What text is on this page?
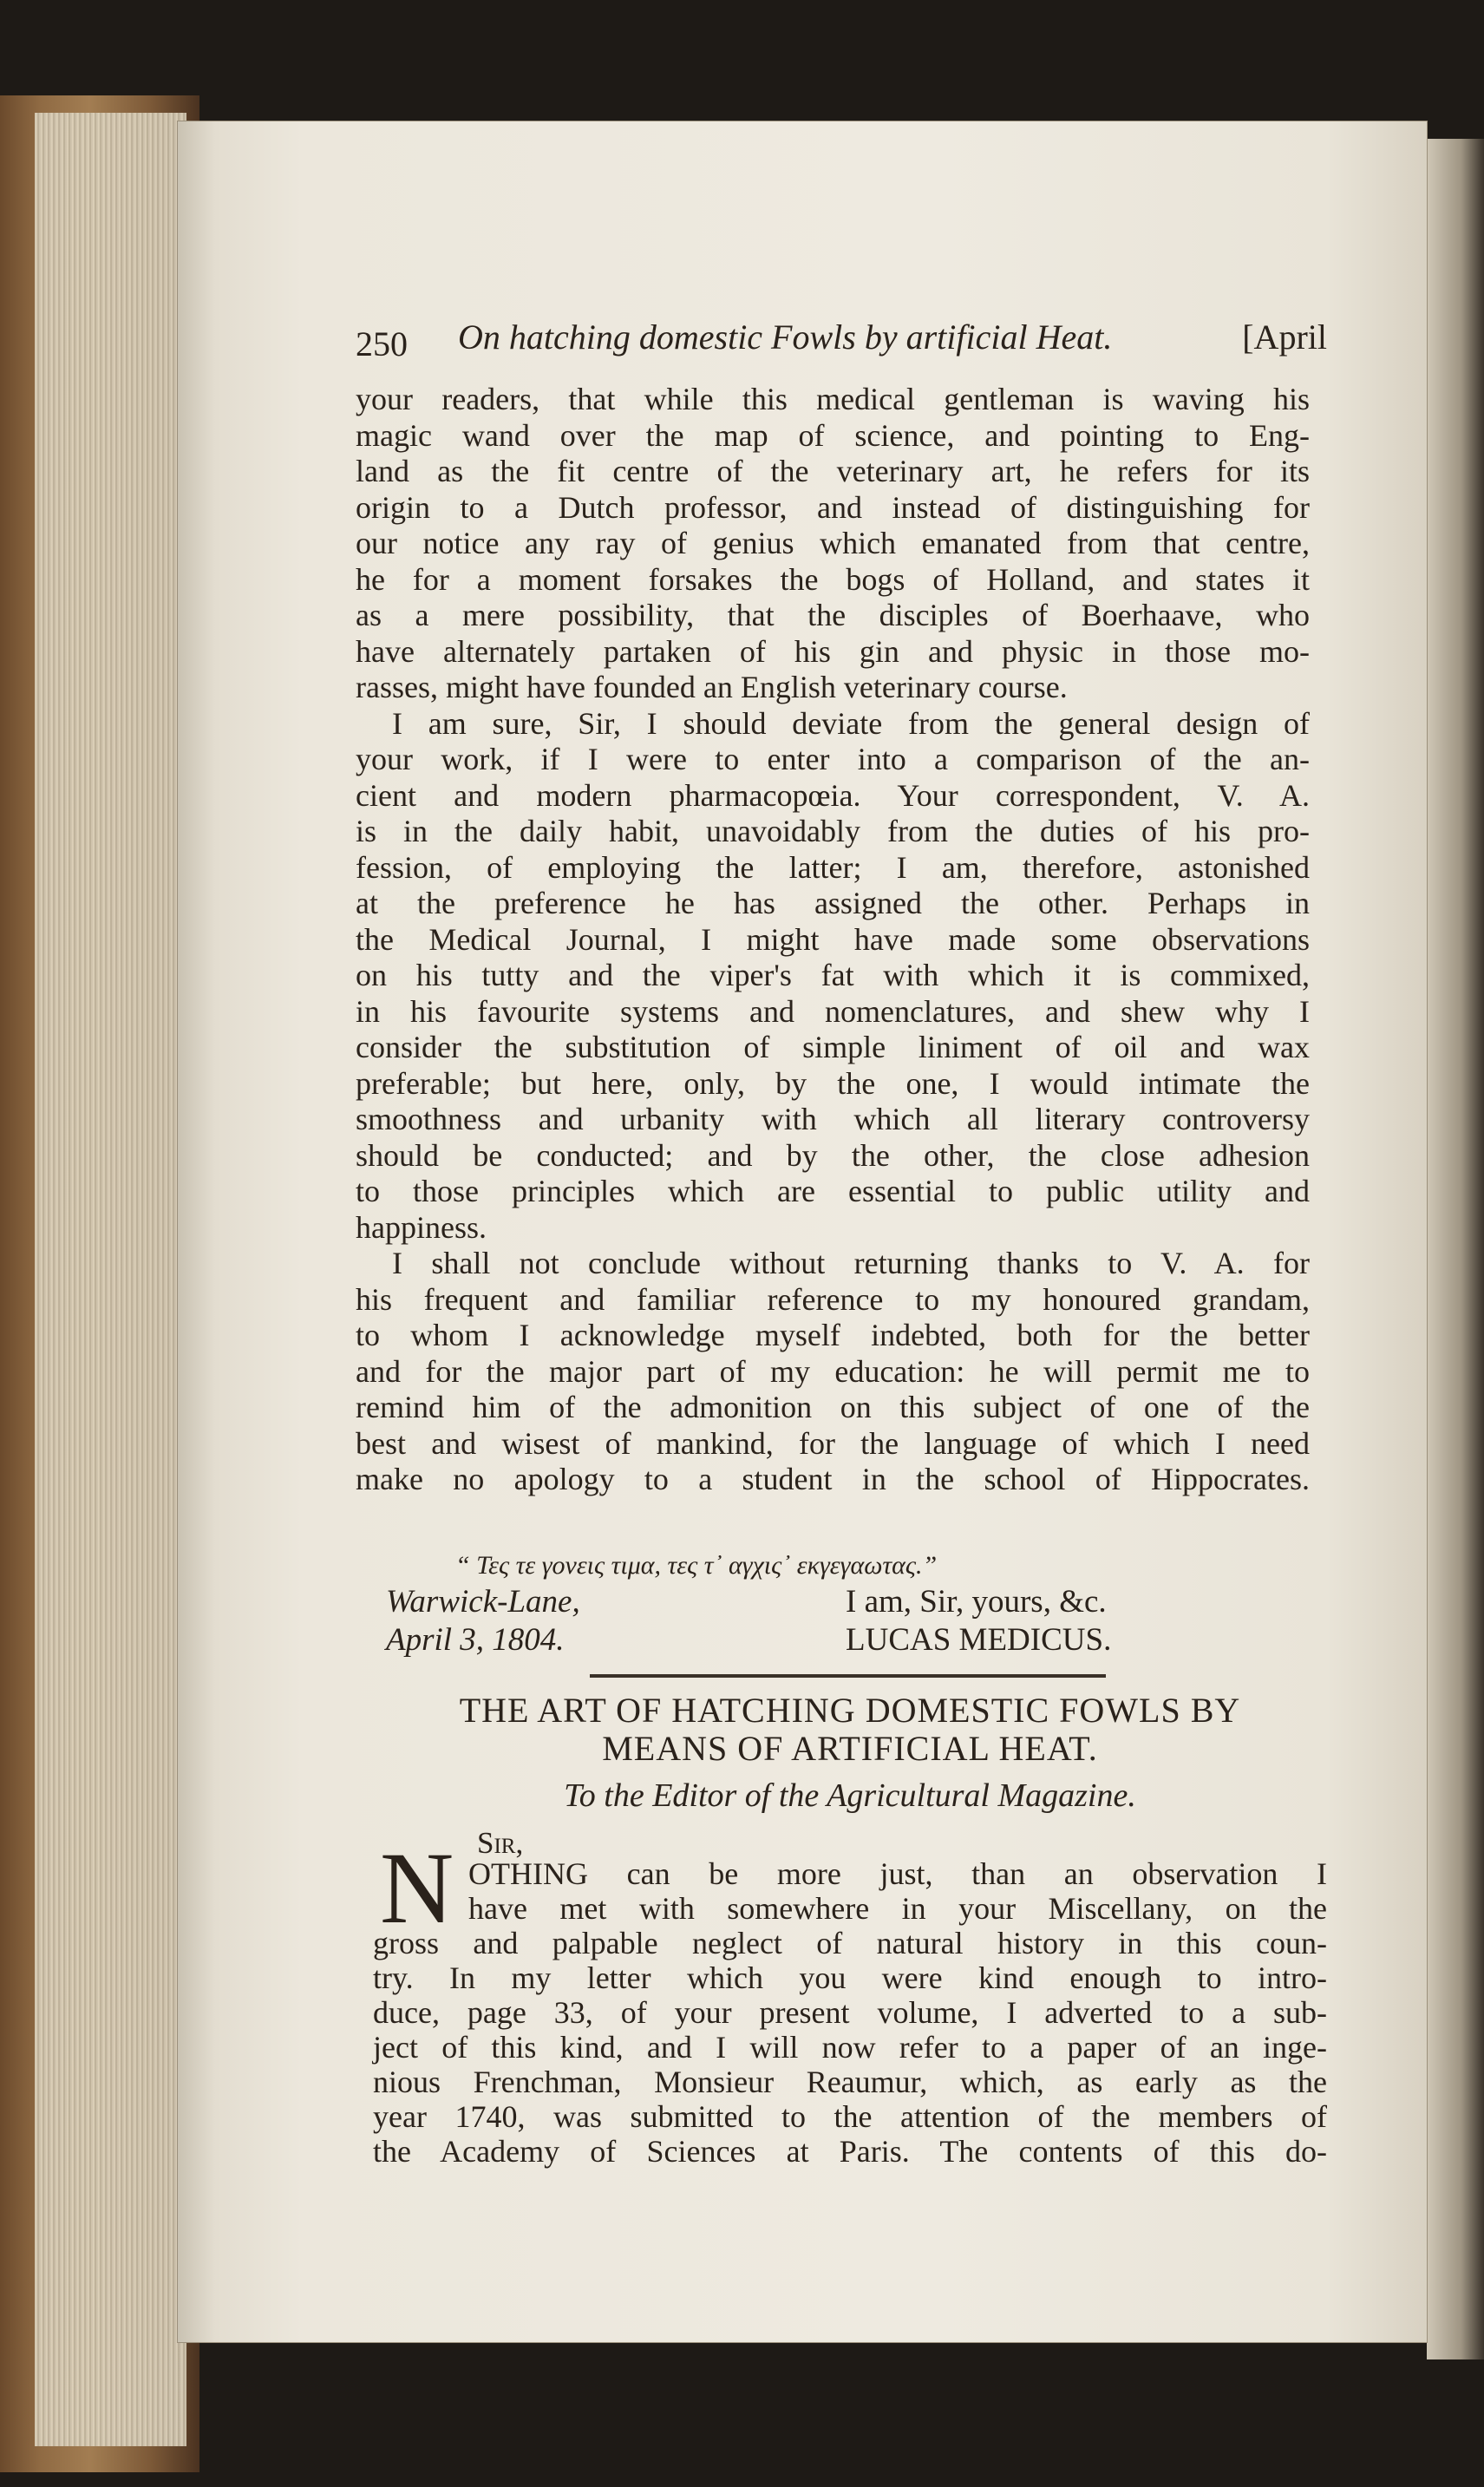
250 On hatching domestic Fowls by artificial Heat.	[April
your readers, that while this medical gentleman is waving his
magic wand over the map of science, and pointing to Eng-
land as the fit centre of the veterinary art, he refers for its
origin to a Dutch professor, and instead of distinguishing for
our notice any ray of genius which emanated from that centre,
he for a moment forsakes the bogs of Holland, and states it
as a mere possibility, that the disciples of Boerhaave, who
have alternately partaken of his gin and physic in those mo-
rasses, might have founded an English veterinary course.
I am sure, Sir, I should deviate from the general design of
your work, if I were to enter into a comparison of the an-
cient and modern pharmacopœia. Your correspondent, V. A.
is in the daily habit, unavoidably from the duties of his pro-
fession, of employing the latter; I am, therefore, astonished
at the preference he has assigned the other. Perhaps in
the Medical Journal, I might have made some observations
on his tutty and the viper's fat with which it is commixed,
in his favourite systems and nomenclatures, and shew why I
consider the substitution of simple liniment of oil and wax
preferable; but here, only, by the one, I would intimate the
smoothness and urbanity with which all literary controversy
should be conducted; and by the other, the close adhesion
to those principles which are essential to public utility and
happiness.
I shall not conclude without returning thanks to V. A. for
his frequent and familiar reference to my honoured grandam,
to whom I acknowledge myself indebted, both for the better
and for the major part of my education: he will permit me to
remind him of the admonition on this subject of one of the
best and wisest of mankind, for the language of which I need
make no apology to a student in the school of Hippocrates.
“ Τες τε γονεις τιμα, τες τ᾽ αγχις᾽ εκγεγαωτας.”
Warwick-Lane,
April 3, 1804.
I am, Sir, yours, &c.
LUCAS MEDICUS.
THE ART OF HATCHING DOMESTIC FOWLS BY
MEANS OF ARTIFICIAL HEAT.
To the Editor of the Agricultural Magazine.
Sir,
N OTHING can be more just, than an observation I
have met with somewhere in your Miscellany, on the
gross and palpable neglect of natural history in this coun-
try. In my letter which you were kind enough to intro-
duce, page 33, of your present volume, I adverted to a sub-
ject of this kind, and I will now refer to a paper of an inge-
nious Frenchman, Monsieur Reaumur, which, as early as the
year 1740, was submitted to the attention of the members of
the Academy of Sciences at Paris. The contents of this do-
